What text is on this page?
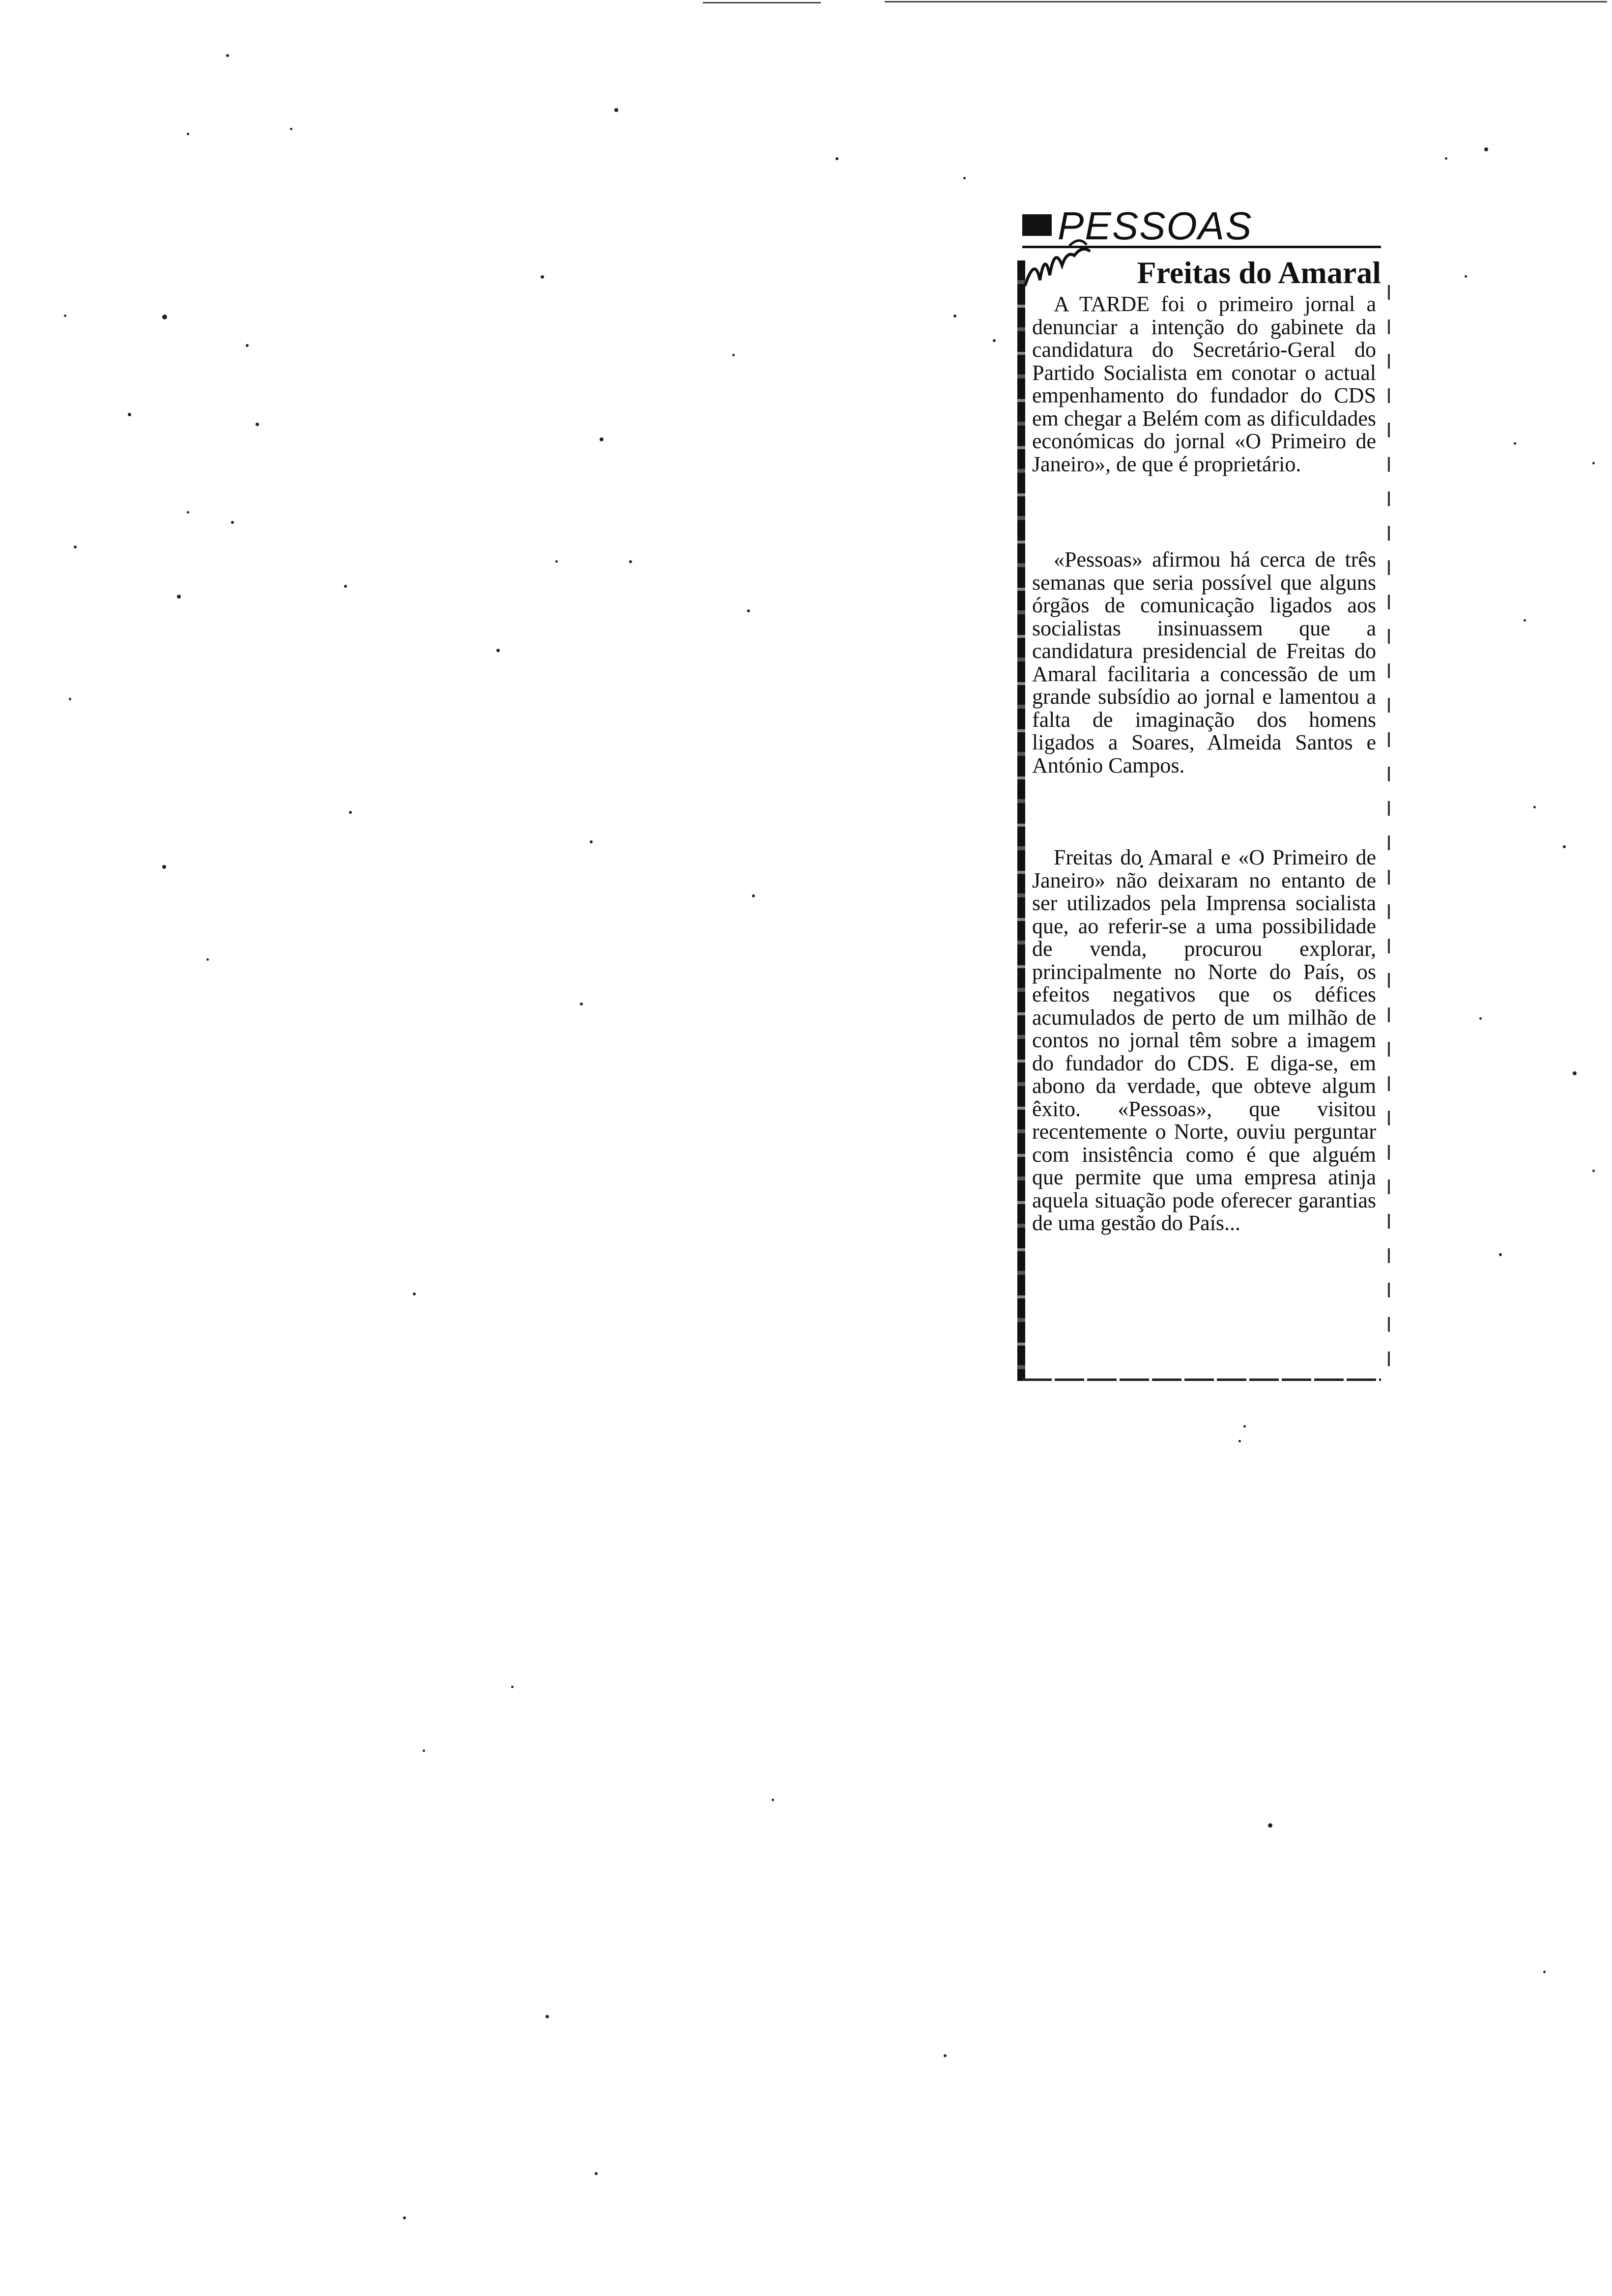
PESSOAS
Freitas do Amaral

A TARDE foi o primeiro jornal a denunciar a intenção do gabinete da candidatura do Secretário-Geral do Partido Socialista em conotar o actual empenhamento do fundador do CDS em chegar a Belém com as dificuldades económicas do jornal «O Primeiro de Janeiro», de que é proprietário.

«Pessoas» afirmou há cerca de três semanas que seria possível que alguns órgãos de comunicação ligados aos socialistas insinuassem que a candidatura presidencial de Freitas do Amaral facilitaria a concessão de um grande subsídio ao jornal e lamentou a falta de imaginação dos homens ligados a Soares, Almeida Santos e António Campos.

Freitas do Amaral e «O Primeiro de Janeiro» não deixaram no entanto de ser utilizados pela Imprensa socialista que, ao referir-se a uma possibilidade de venda, procurou explorar, principalmente no Norte do País, os efeitos negativos que os défices acumulados de perto de um milhão de contos no jornal têm sobre a imagem do fundador do CDS. E diga-se, em abono da verdade, que obteve algum êxito. «Pessoas», que visitou recentemente o Norte, ouviu perguntar com insistência como é que alguém que permite que uma empresa atinja aquela situação pode oferecer garantias de uma gestão do País...
